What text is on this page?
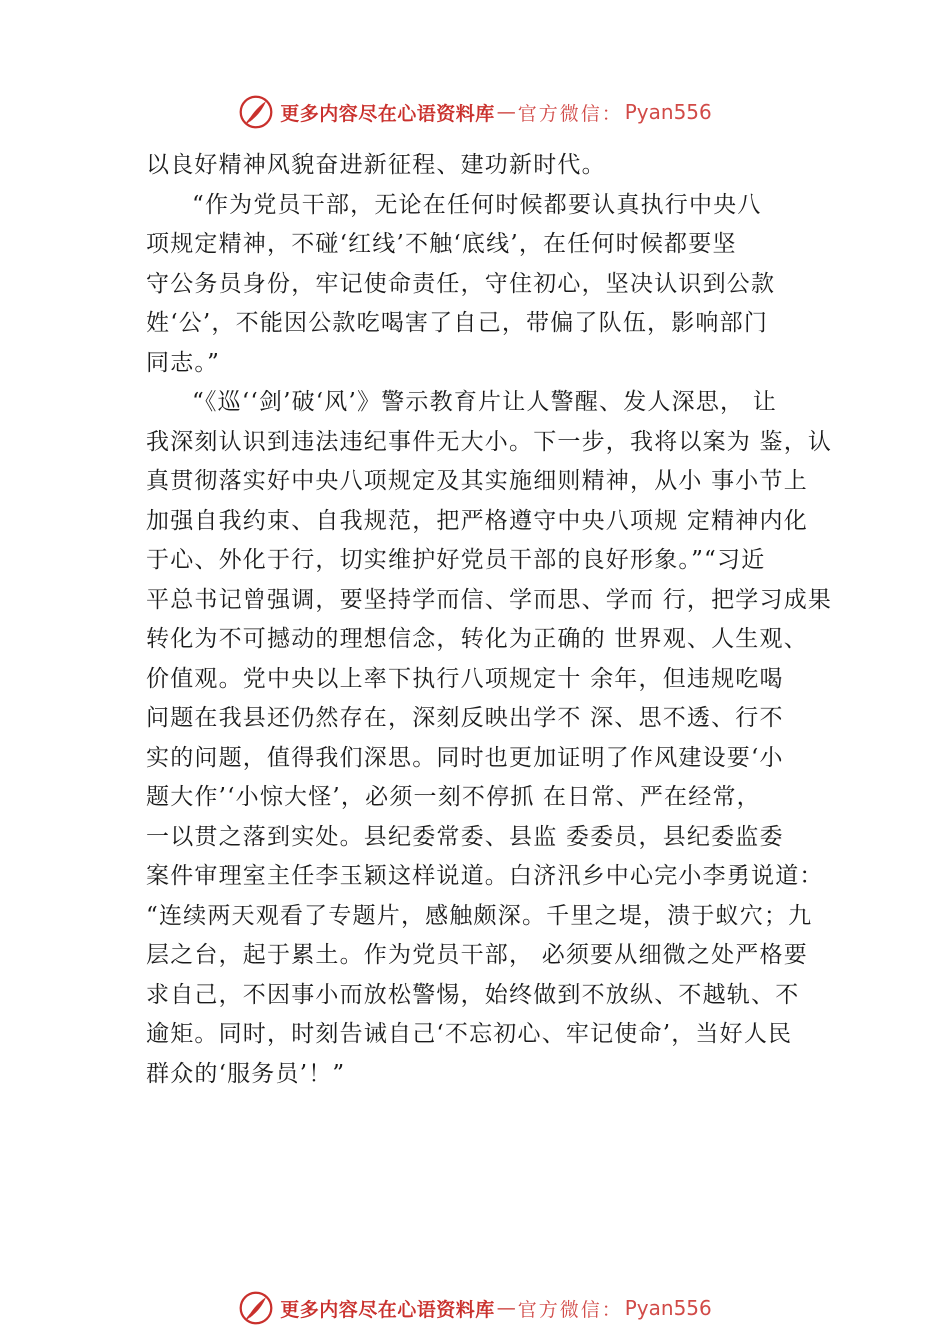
更多内容尽在心语资料库 — 官方微信： Pyan556
以良好精神风貌奋进新征程、建功新时代。
“作为党员干部，无论在任何时候都要认真执行中央八
项规定精神，不碰‘红线’不触‘底线’，在任何时候都要坚
守公务员身份，牢记使命责任，守住初心，坚决认识到公款
姓‘公’，不能因公款吃喝害了自己，带偏了队伍，影响部门
同志。”
“《巡‘‘剑’破‘风’》警示教育片让人警醒、发人深思， 让
我深刻认识到违法违纪事件无大小。下一步，我将以案为 鉴，认
真贯彻落实好中央八项规定及其实施细则精神，从小 事小节上
加强自我约束、自我规范，把严格遵守中央八项规 定精神内化
于心、外化于行，切实维护好党员干部的良好形象。”“习近
平总书记曾强调，要坚持学而信、学而思、学而 行，把学习成果
转化为不可撼动的理想信念，转化为正确的 世界观、人生观、
价值观。党中央以上率下执行八项规定十 余年，但违规吃喝
问题在我县还仍然存在，深刻反映出学不 深、思不透、行不
实的问题，值得我们深思。同时也更加证明了作风建设要‘小
题大作’‘小惊大怪’，必须一刻不停抓 在日常、严在经常，
一以贯之落到实处。县纪委常委、县监 委委员，县纪委监委
案件审理室主任李玉颖这样说道。白济汛乡中心完小李勇说道：
“连续两天观看了专题片，感触颇深。千里之堤，溃于蚁穴；九
层之台，起于累土。作为党员干部， 必须要从细微之处严格要
求自己，不因事小而放松警惕，始终做到不放纵、不越轨、不
逾矩。同时，时刻告诫自己‘不忘初心、牢记使命’，当好人民
群众的‘服务员’！”
更多内容尽在心语资料库 — 官方微信： Pyan556
